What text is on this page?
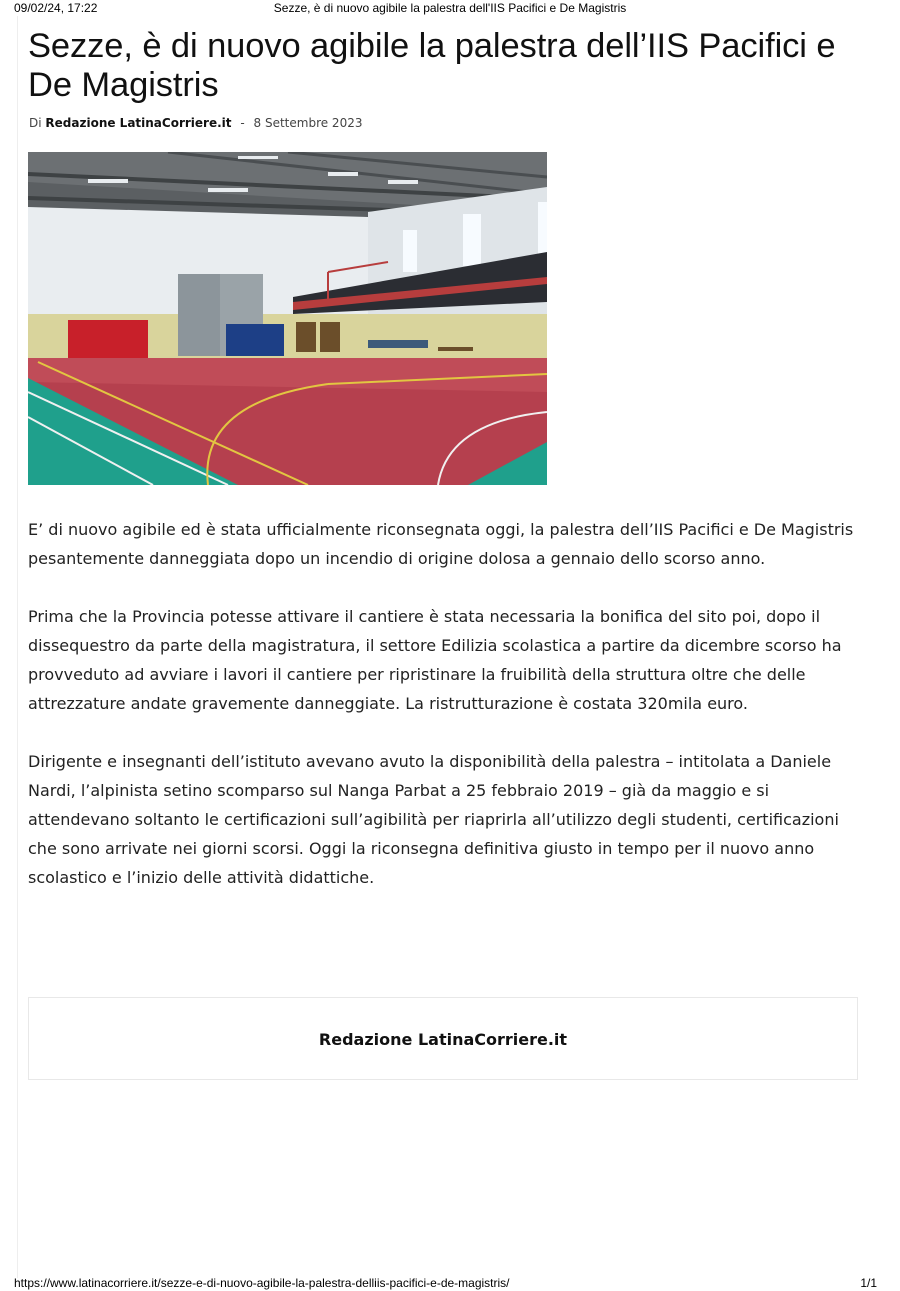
09/02/24, 17:22	Sezze, è di nuovo agibile la palestra dell'IIS Pacifici e De Magistris
Sezze, è di nuovo agibile la palestra dell’IIS Pacifici e De Magistris
Di Redazione LatinaCorriere.it - 8 Settembre 2023

E’ di nuovo agibile ed è stata ufficialmente riconsegnata oggi, la palestra dell’IIS Pacifici e De Magistris pesantemente danneggiata dopo un incendio di origine dolosa a gennaio dello scorso anno.

Prima che la Provincia potesse attivare il cantiere è stata necessaria la bonifica del sito poi, dopo il dissequestro da parte della magistratura, il settore Edilizia scolastica a partire da dicembre scorso ha provveduto ad avviare i lavori il cantiere per ripristinare la fruibilità della struttura oltre che delle attrezzature andate gravemente danneggiate. La ristrutturazione è costata 320mila euro.

Dirigente e insegnanti dell’istituto avevano avuto la disponibilità della palestra – intitolata a Daniele Nardi, l’alpinista setino scomparso sul Nanga Parbat a 25 febbraio 2019 – già da maggio e si attendevano soltanto le certificazioni sull’agibilità per riaprirla all’utilizzo degli studenti, certificazioni che sono arrivate nei giorni scorsi. Oggi la riconsegna definitiva giusto in tempo per il nuovo anno scolastico e l’inizio delle attività didattiche.

Redazione LatinaCorriere.it
https://www.latinacorriere.it/sezze-e-di-nuovo-agibile-la-palestra-delliis-pacifici-e-de-magistris/	1/1
